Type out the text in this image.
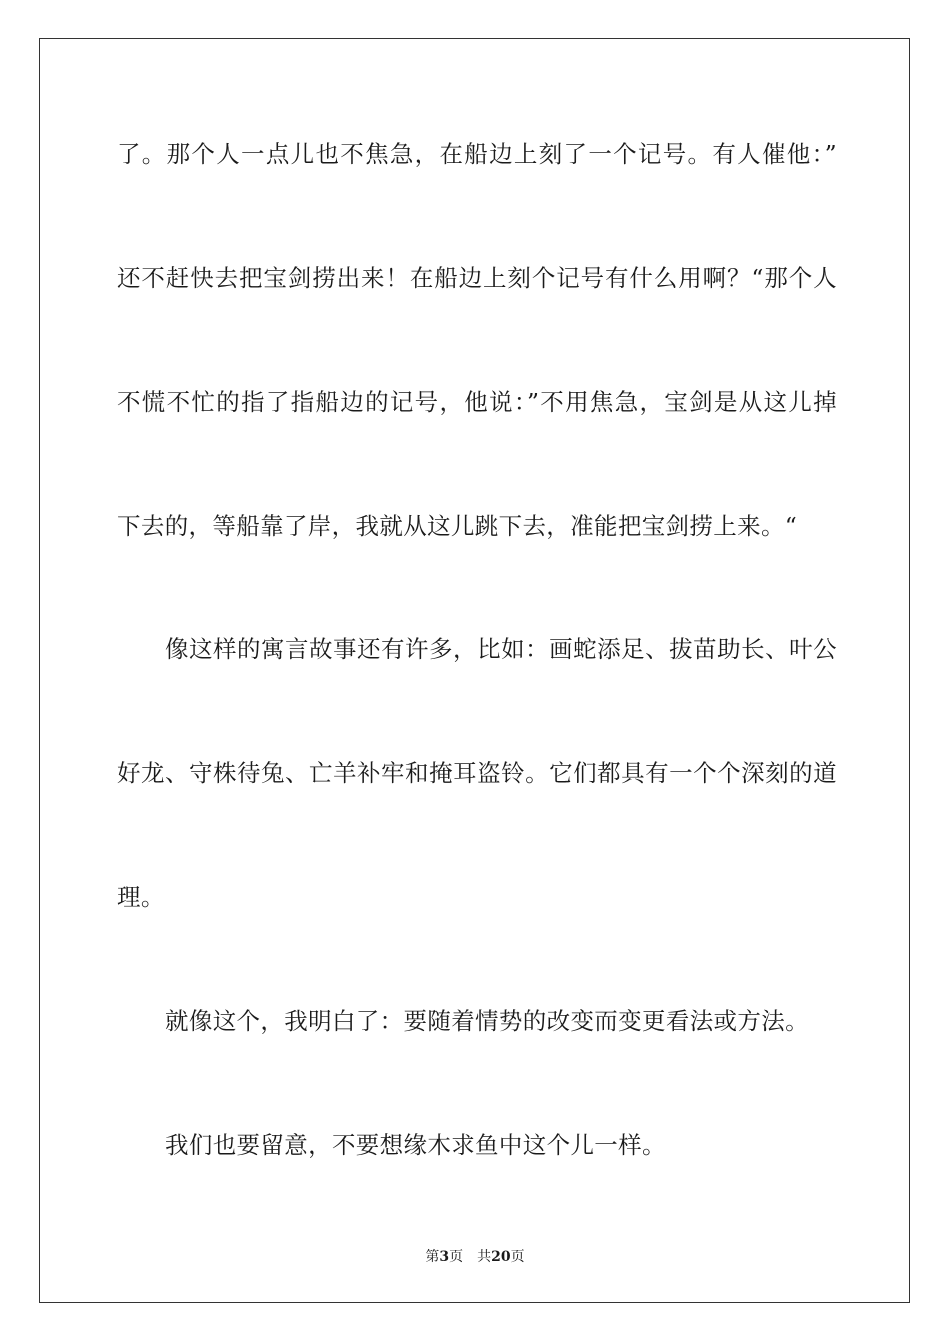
了。那个人一点儿也不焦急，在船边上刻了一个记号。有人催他：”
还不赶快去把宝剑捞出来！在船边上刻个记号有什么用啊？“那个人
不慌不忙的指了指船边的记号，他说：”不用焦急，宝剑是从这儿掉
下去的，等船靠了岸，我就从这儿跳下去，准能把宝剑捞上来。“
像这样的寓言故事还有许多，比如：画蛇添足、拔苗助长、叶公
好龙、守株待兔、亡羊补牢和掩耳盗铃。它们都具有一个个深刻的道
理。
就像这个，我明白了：要随着情势的改变而变更看法或方法。
我们也要留意，不要想缘木求鱼中这个儿一样。
第3页 共20页
